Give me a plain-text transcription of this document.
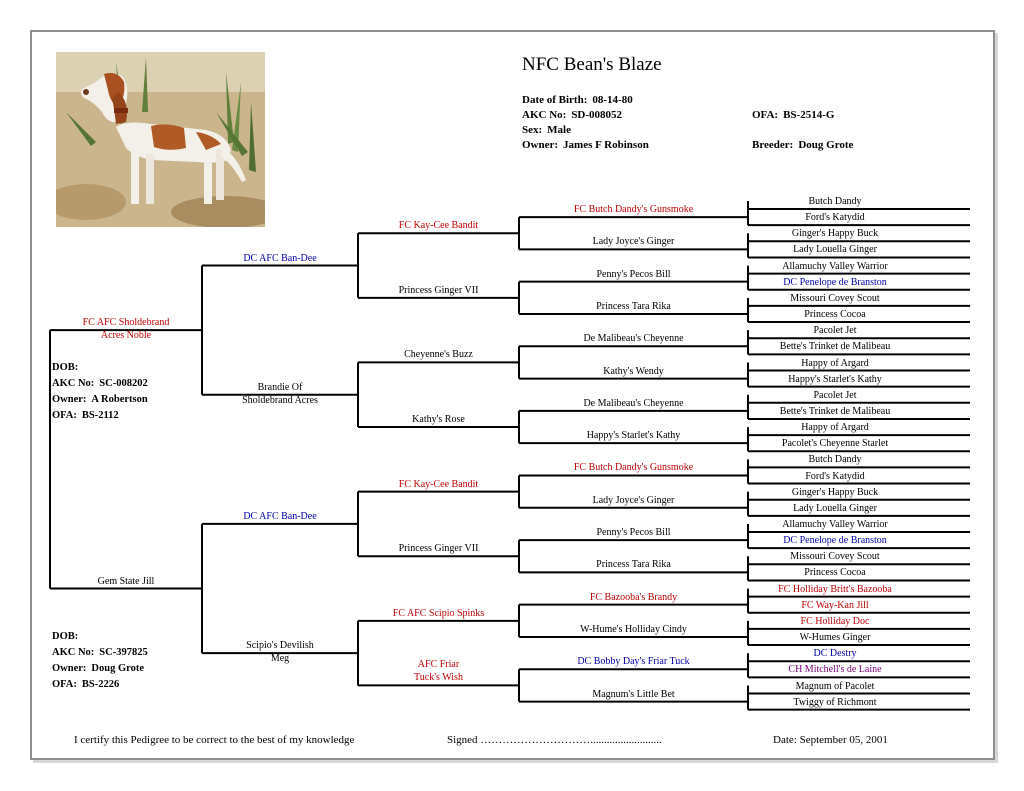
NFC Bean's Blaze
Date of Birth: 08-14-80
AKC No: SD-008052
Sex: Male
Owner: James F Robinson
OFA: BS-2514-G
Breeder: Doug Grote
Butch Dandy
Ford's Katydid
Ginger's Happy Buck
Lady Louella Ginger
Allamuchy Valley Warrior
DC Penelope de Branston
Missouri Covey Scout
Princess Cocoa
Pacolet Jet
Bette's Trinket de Malibeau
Happy of Argard
Happy's Starlet's Kathy
Pacolet Jet
Bette's Trinket de Malibeau
Happy of Argard
Pacolet's Cheyenne Starlet
Butch Dandy
Ford's Katydid
Ginger's Happy Buck
Lady Louella Ginger
Allamuchy Valley Warrior
DC Penelope de Branston
Missouri Covey Scout
Princess Cocoa
FC Holliday Britt's Bazooba
FC Way-Kan Jill
FC Holliday Doc
W-Humes Ginger
DC Destry
CH Mitchell's de Laine
Magnum of Pacolet
Twiggy of Richmont
FC Butch Dandy's Gunsmoke
Lady Joyce's Ginger
Penny's Pecos Bill
Princess Tara Rika
De Malibeau's Cheyenne
Kathy's Wendy
De Malibeau's Cheyenne
Happy's Starlet's Kathy
FC Butch Dandy's Gunsmoke
Lady Joyce's Ginger
Penny's Pecos Bill
Princess Tara Rika
FC Bazooba's Brandy
W-Hume's Holliday Cindy
DC Bobby Day's Friar Tuck
Magnum's Little Bet
FC Kay-Cee Bandit
Princess Ginger VII
Cheyenne's Buzz
Kathy's Rose
FC Kay-Cee Bandit
Princess Ginger VII
FC AFC Scipio Spinks
AFC Friar
Tuck's Wish
DC AFC Ban-Dee
Brandie Of
Sholdebrand Acres
DC AFC Ban-Dee
Scipio's Devilish
Meg
FC AFC Sholdebrand
Acres Noble
Gem State Jill
DOB:
AKC No: SC-008202
Owner: A Robertson
OFA: BS-2112
DOB:
AKC No: SC-397825
Owner: Doug Grote
OFA: BS-2226
I certify this Pedigree to be correct to the best of my knowledge	Signed …………………………..........................	Date: September 05, 2001
